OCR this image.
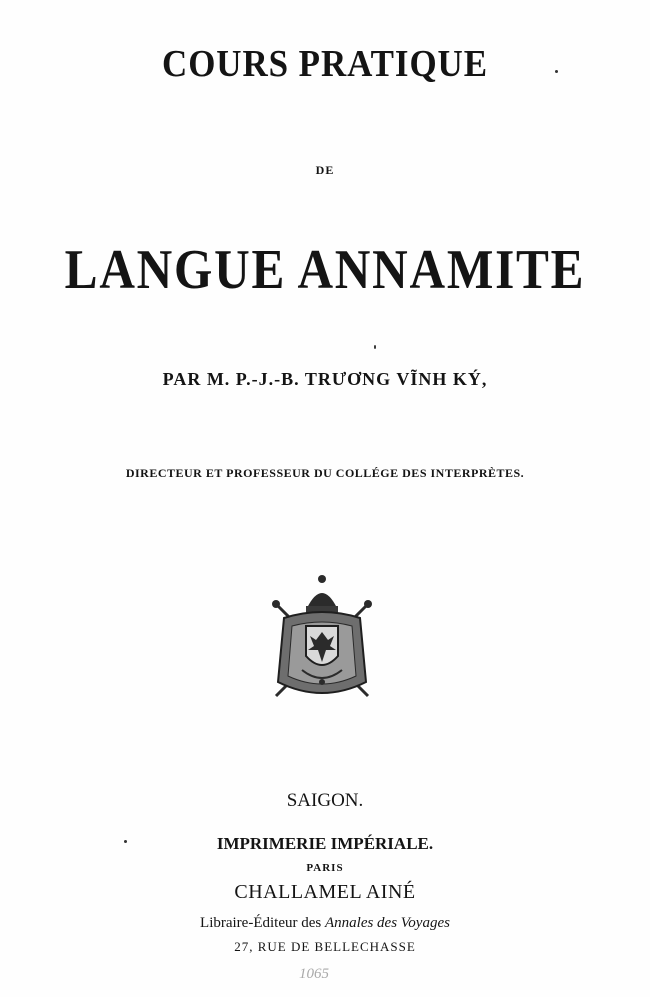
COURS PRATIQUE
DE
LANGUE ANNAMITE
PAR M. P.-J.-B. TRƯƠNG VĨNH KÝ,
DIRECTEUR ET PROFESSEUR DU COLLÉGE DES INTERPRÈTES.
SAIGON.
IMPRIMERIE IMPÉRIALE.
PARIS
CHALLAMEL AINÉ
Libraire-Éditeur des Annales des Voyages
27, RUE DE BELLECHASSE
1065
